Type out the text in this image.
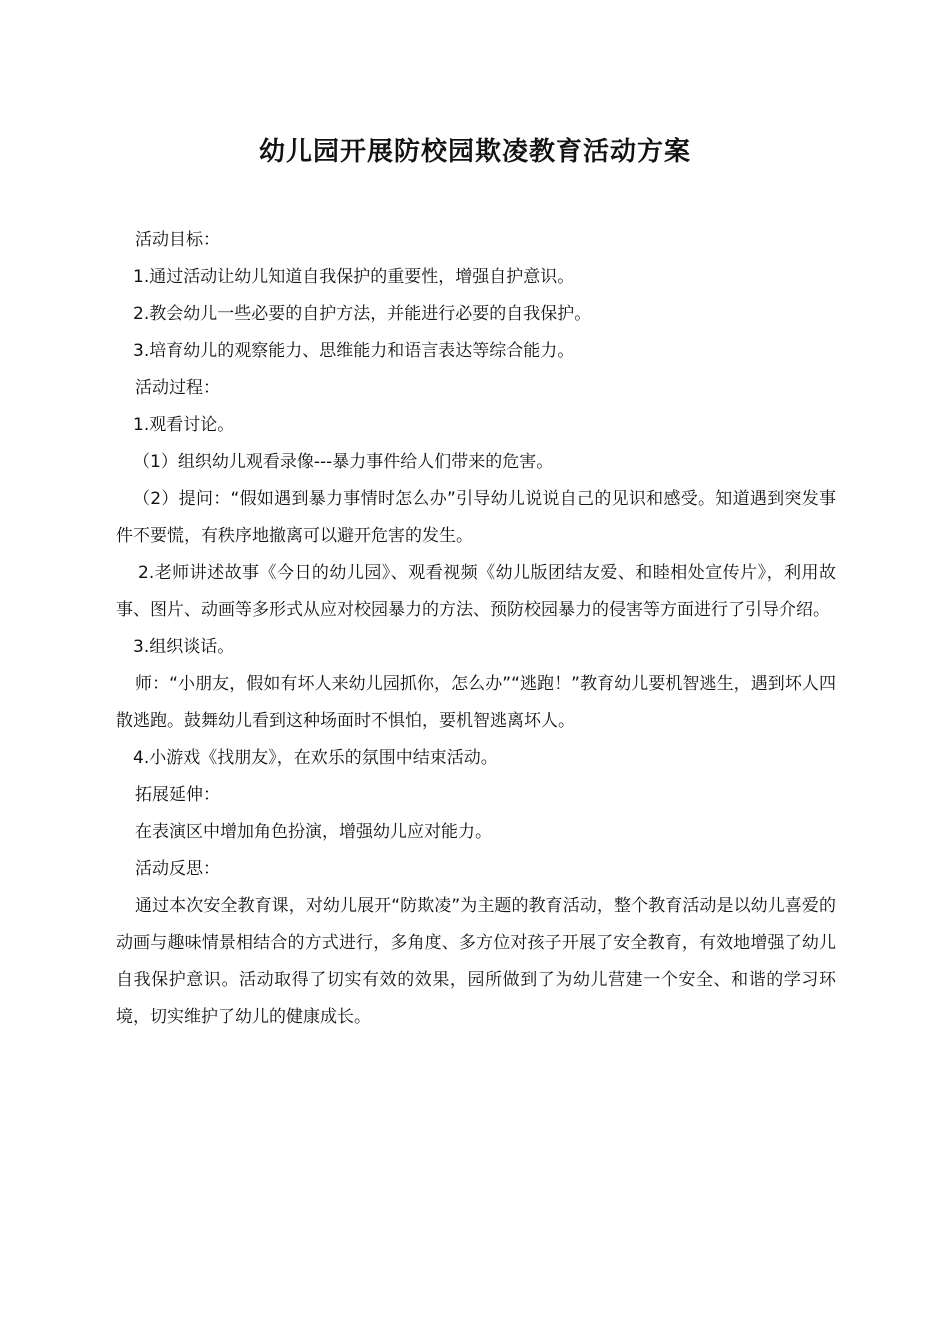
幼儿园开展防校园欺凌教育活动方案

活动目标：

1.通过活动让幼儿知道自我保护的重要性，增强自护意识。

2.教会幼儿一些必要的自护方法，并能进行必要的自我保护。

3.培育幼儿的观察能力、思维能力和语言表达等综合能力。

活动过程：

1.观看讨论。

（1）组织幼儿观看录像---暴力事件给人们带来的危害。

（2）提问：“假如遇到暴力事情时怎么办”引导幼儿说说自己的见识和感受。知道遇到突发事件不要慌，有秩序地撤离可以避开危害的发生。

2.老师讲述故事《今日的幼儿园》、观看视频《幼儿版团结友爱、和睦相处宣传片》，利用故事、图片、动画等多形式从应对校园暴力的方法、预防校园暴力的侵害等方面进行了引导介绍。

3.组织谈话。

师：“小朋友，假如有坏人来幼儿园抓你，怎么办”“逃跑！”教育幼儿要机智逃生，遇到坏人四散逃跑。鼓舞幼儿看到这种场面时不惧怕，要机智逃离坏人。

4.小游戏《找朋友》，在欢乐的氛围中结束活动。

拓展延伸：

在表演区中增加角色扮演，增强幼儿应对能力。

活动反思：

通过本次安全教育课，对幼儿展开“防欺凌”为主题的教育活动，整个教育活动是以幼儿喜爱的动画与趣味情景相结合的方式进行，多角度、多方位对孩子开展了安全教育，有效地增强了幼儿自我保护意识。活动取得了切实有效的效果，园所做到了为幼儿营建一个安全、和谐的学习环境，切实维护了幼儿的健康成长。
